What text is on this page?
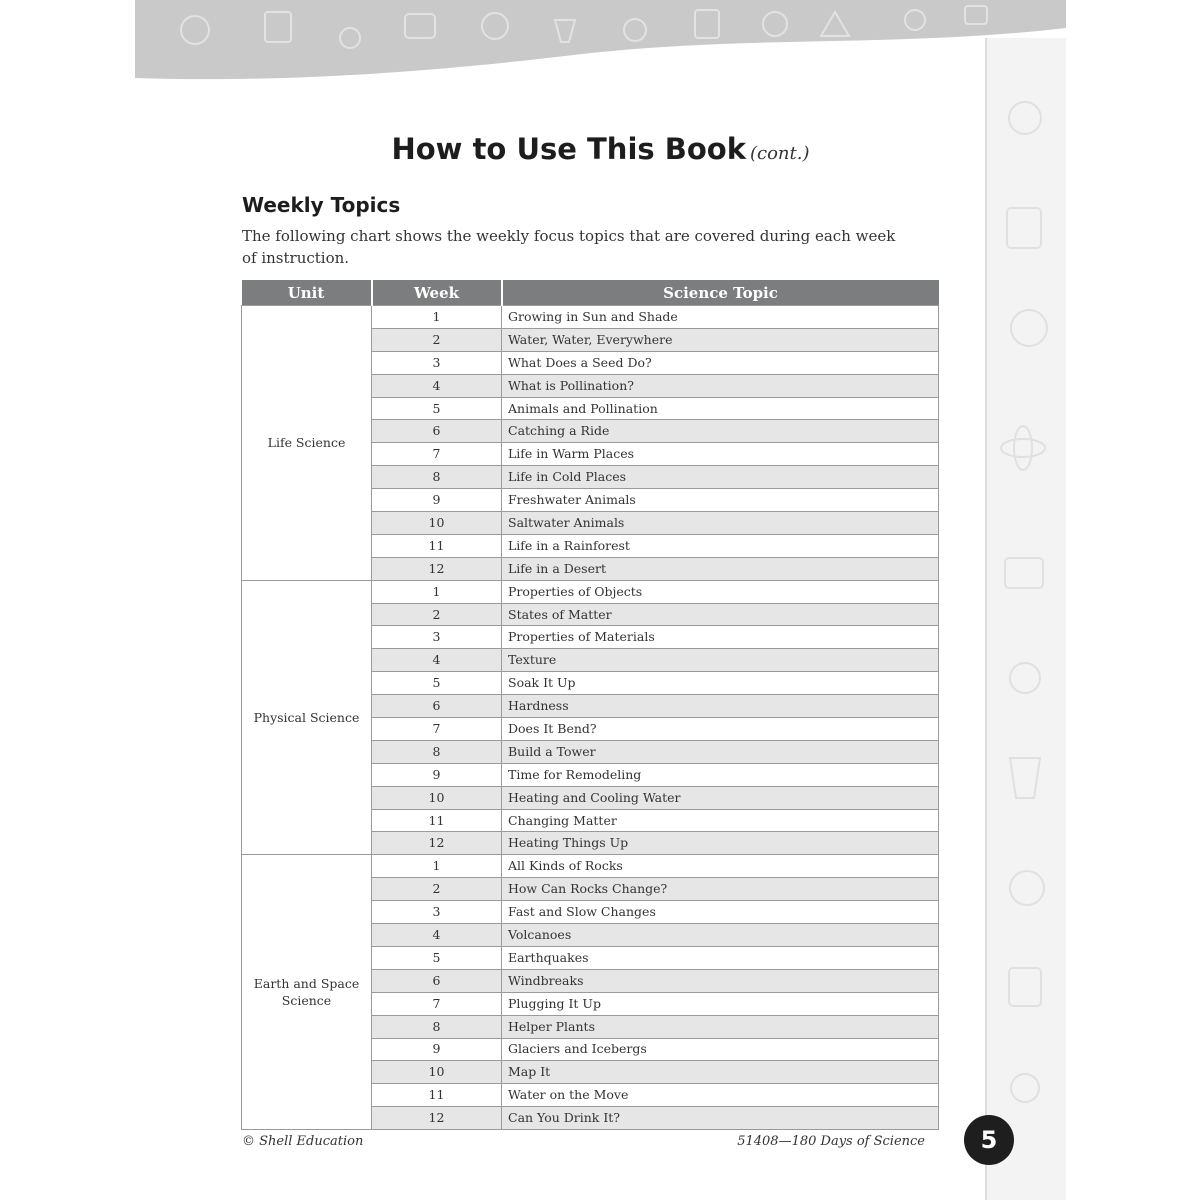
How to Use This Book (cont.)
Weekly Topics
The following chart shows the weekly focus topics that are covered during each week of instruction.
Unit	Week	Science Topic
Life Science	1	Growing in Sun and Shade
	2	Water, Water, Everywhere
	3	What Does a Seed Do?
	4	What is Pollination?
	5	Animals and Pollination
	6	Catching a Ride
	7	Life in Warm Places
	8	Life in Cold Places
	9	Freshwater Animals
	10	Saltwater Animals
	11	Life in a Rainforest
	12	Life in a Desert
Physical Science	1	Properties of Objects
	2	States of Matter
	3	Properties of Materials
	4	Texture
	5	Soak It Up
	6	Hardness
	7	Does It Bend?
	8	Build a Tower
	9	Time for Remodeling
	10	Heating and Cooling Water
	11	Changing Matter
	12	Heating Things Up
Earth and Space Science	1	All Kinds of Rocks
	2	How Can Rocks Change?
	3	Fast and Slow Changes
	4	Volcanoes
	5	Earthquakes
	6	Windbreaks
	7	Plugging It Up
	8	Helper Plants
	9	Glaciers and Icebergs
	10	Map It
	11	Water on the Move
	12	Can You Drink It?
© Shell Education	51408—180 Days of Science	5
